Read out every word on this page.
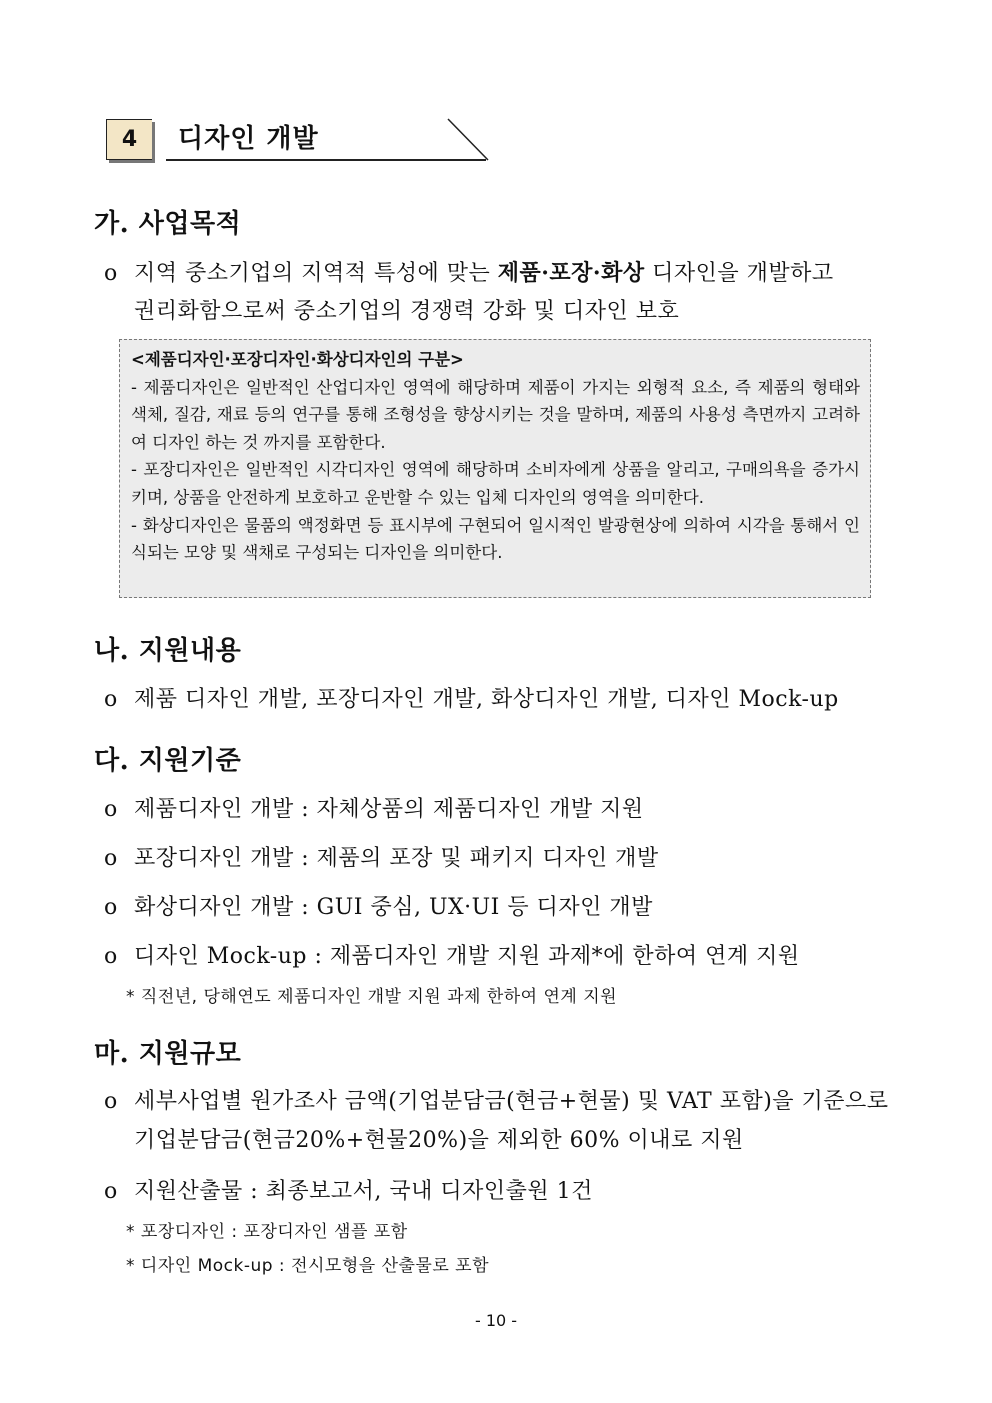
4	디자인 개발
가. 사업목적
o 지역 중소기업의 지역적 특성에 맞는 제품·포장·화상 디자인을 개발하고
권리화함으로써 중소기업의 경쟁력 강화 및 디자인 보호

<제품디자인·포장디자인·화상디자인의 구분>

- 제품디자인은 일반적인 산업디자인 영역에 해당하며 제품이 가지는 외형적 요소, 즉 제품의 형태와 색체, 질감, 재료 등의 연구를 통해 조형성을 향상시키는 것을 말하며, 제품의 사용성 측면까지 고려하여 디자인 하는 것 까지를 포함한다.

- 포장디자인은 일반적인 시각디자인 영역에 해당하며 소비자에게 상품을 알리고, 구매의욕을 증가시키며, 상품을 안전하게 보호하고 운반할 수 있는 입체 디자인의 영역을 의미한다.

- 화상디자인은 물품의 액정화면 등 표시부에 구현되어 일시적인 발광현상에 의하여 시각을 통해서 인식되는 모양 및 색채로 구성되는 디자인을 의미한다.

나. 지원내용
o 제품 디자인 개발, 포장디자인 개발, 화상디자인 개발, 디자인 Mock-up
다. 지원기준
o 제품디자인 개발 : 자체상품의 제품디자인 개발 지원
o 포장디자인 개발 : 제품의 포장 및 패키지 디자인 개발
o 화상디자인 개발 : GUI 중심, UX·UI 등 디자인 개발
o 디자인 Mock-up : 제품디자인 개발 지원 과제*에 한하여 연계 지원
* 직전년, 당해연도 제품디자인 개발 지원 과제 한하여 연계 지원
마. 지원규모
o 세부사업별 원가조사 금액(기업분담금(현금+현물) 및 VAT 포함)을 기준으로
기업분담금(현금20%+현물20%)을 제외한 60% 이내로 지원
o 지원산출물 : 최종보고서, 국내 디자인출원 1건
* 포장디자인 : 포장디자인 샘플 포함
* 디자인 Mock-up : 전시모형을 산출물로 포함
- 10 -
